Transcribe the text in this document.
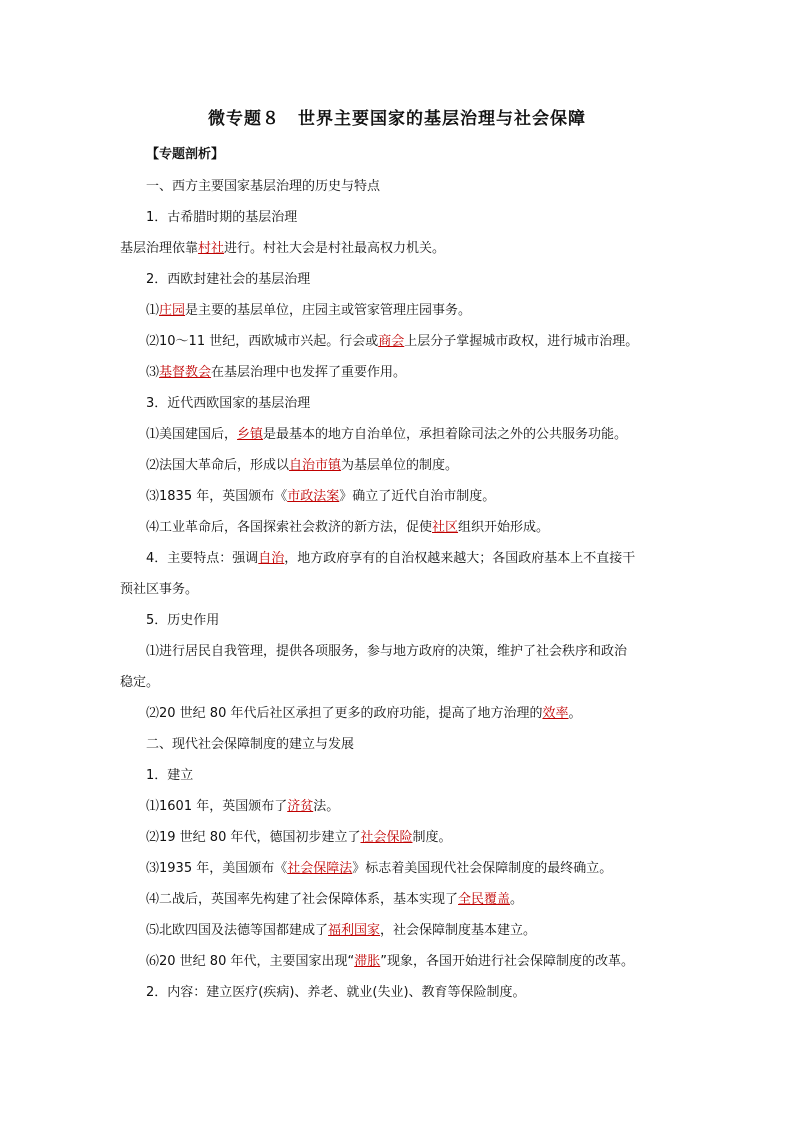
微专题８　世界主要国家的基层治理与社会保障
【专题剖析】
一、西方主要国家基层治理的历史与特点
1．古希腊时期的基层治理
基层治理依靠村社进行。村社大会是村社最高权力机关。
2．西欧封建社会的基层治理
⑴庄园是主要的基层单位，庄园主或管家管理庄园事务。
⑵10～11 世纪，西欧城市兴起。行会或商会上层分子掌握城市政权，进行城市治理。
⑶基督教会在基层治理中也发挥了重要作用。
3．近代西欧国家的基层治理
⑴美国建国后，乡镇是最基本的地方自治单位，承担着除司法之外的公共服务功能。
⑵法国大革命后，形成以自治市镇为基层单位的制度。
⑶1835 年，英国颁布《市政法案》确立了近代自治市制度。
⑷工业革命后，各国探索社会救济的新方法，促使社区组织开始形成。
4．主要特点：强调自治，地方政府享有的自治权越来越大；各国政府基本上不直接干
预社区事务。
5．历史作用
⑴进行居民自我管理，提供各项服务，参与地方政府的决策，维护了社会秩序和政治
稳定。
⑵20 世纪 80 年代后社区承担了更多的政府功能，提高了地方治理的效率。
二、现代社会保障制度的建立与发展
1．建立
⑴1601 年，英国颁布了济贫法。
⑵19 世纪 80 年代，德国初步建立了社会保险制度。
⑶1935 年，美国颁布《社会保障法》标志着美国现代社会保障制度的最终确立。
⑷二战后，英国率先构建了社会保障体系，基本实现了全民覆盖。
⑸北欧四国及法德等国都建成了福利国家，社会保障制度基本建立。
⑹20 世纪 80 年代，主要国家出现“滞胀”现象，各国开始进行社会保障制度的改革。
2．内容：建立医疗(疾病)、养老、就业(失业)、教育等保险制度。
